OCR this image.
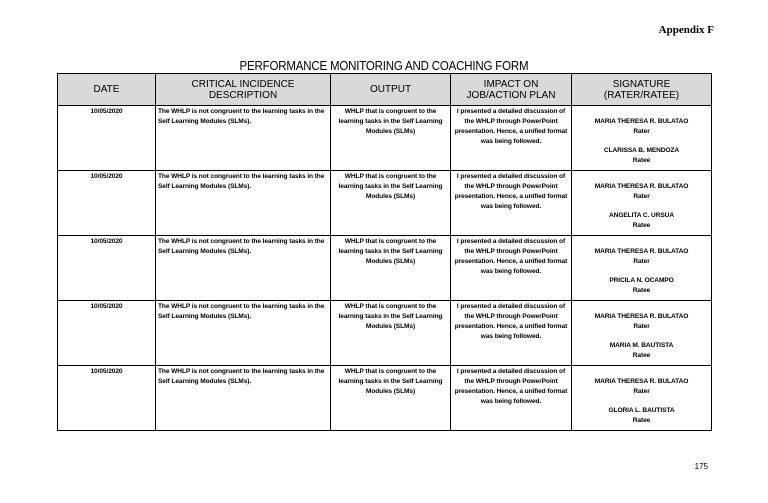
Appendix F
PERFORMANCE MONITORING AND COACHING FORM
DATE	CRITICAL INCIDENCE DESCRIPTION	OUTPUT	IMPACT ON JOB/ACTION PLAN	SIGNATURE (RATER/RATEE)
10/05/2020	The WHLP is not congruent to the learning tasks in the Self Learning Modules (SLMs).	WHLP that is congruent to the learning tasks in the Self Learning Modules (SLMs)	I presented a detailed discussion of the WHLP through PowerPoint presentation. Hence, a unified format was being followed.	MARIA THERESA R. BULATAO
Rater
CLARISSA B. MENDOZA
Ratee

10/05/2020	The WHLP is not congruent to the learning tasks in the Self Learning Modules (SLMs).	WHLP that is congruent to the learning tasks in the Self Learning Modules (SLMs)	I presented a detailed discussion of the WHLP through PowerPoint presentation. Hence, a unified format was being followed.	MARIA THERESA R. BULATAO
Rater
ANGELITA C. URSUA
Ratee

10/05/2020	The WHLP is not congruent to the learning tasks in the Self Learning Modules (SLMs).	WHLP that is congruent to the learning tasks in the Self Learning Modules (SLMs)	I presented a detailed discussion of the WHLP through PowerPoint presentation. Hence, a unified format was being followed.	MARIA THERESA R. BULATAO
Rater
PRICILA N. OCAMPO
Ratee

10/05/2020	The WHLP is not congruent to the learning tasks in the Self Learning Modules (SLMs).	WHLP that is congruent to the learning tasks in the Self Learning Modules (SLMs)	I presented a detailed discussion of the WHLP through PowerPoint presentation. Hence, a unified format was being followed.	MARIA THERESA R. BULATAO
Rater
MARIA M. BAUTISTA
Ratee

10/05/2020	The WHLP is not congruent to the learning tasks in the Self Learning Modules (SLMs).	WHLP that is congruent to the learning tasks in the Self Learning Modules (SLMs)	I presented a detailed discussion of the WHLP through PowerPoint presentation. Hence, a unified format was being followed.	MARIA THERESA R. BULATAO
Rater
GLORIA L. BAUTISTA
Ratee
175
